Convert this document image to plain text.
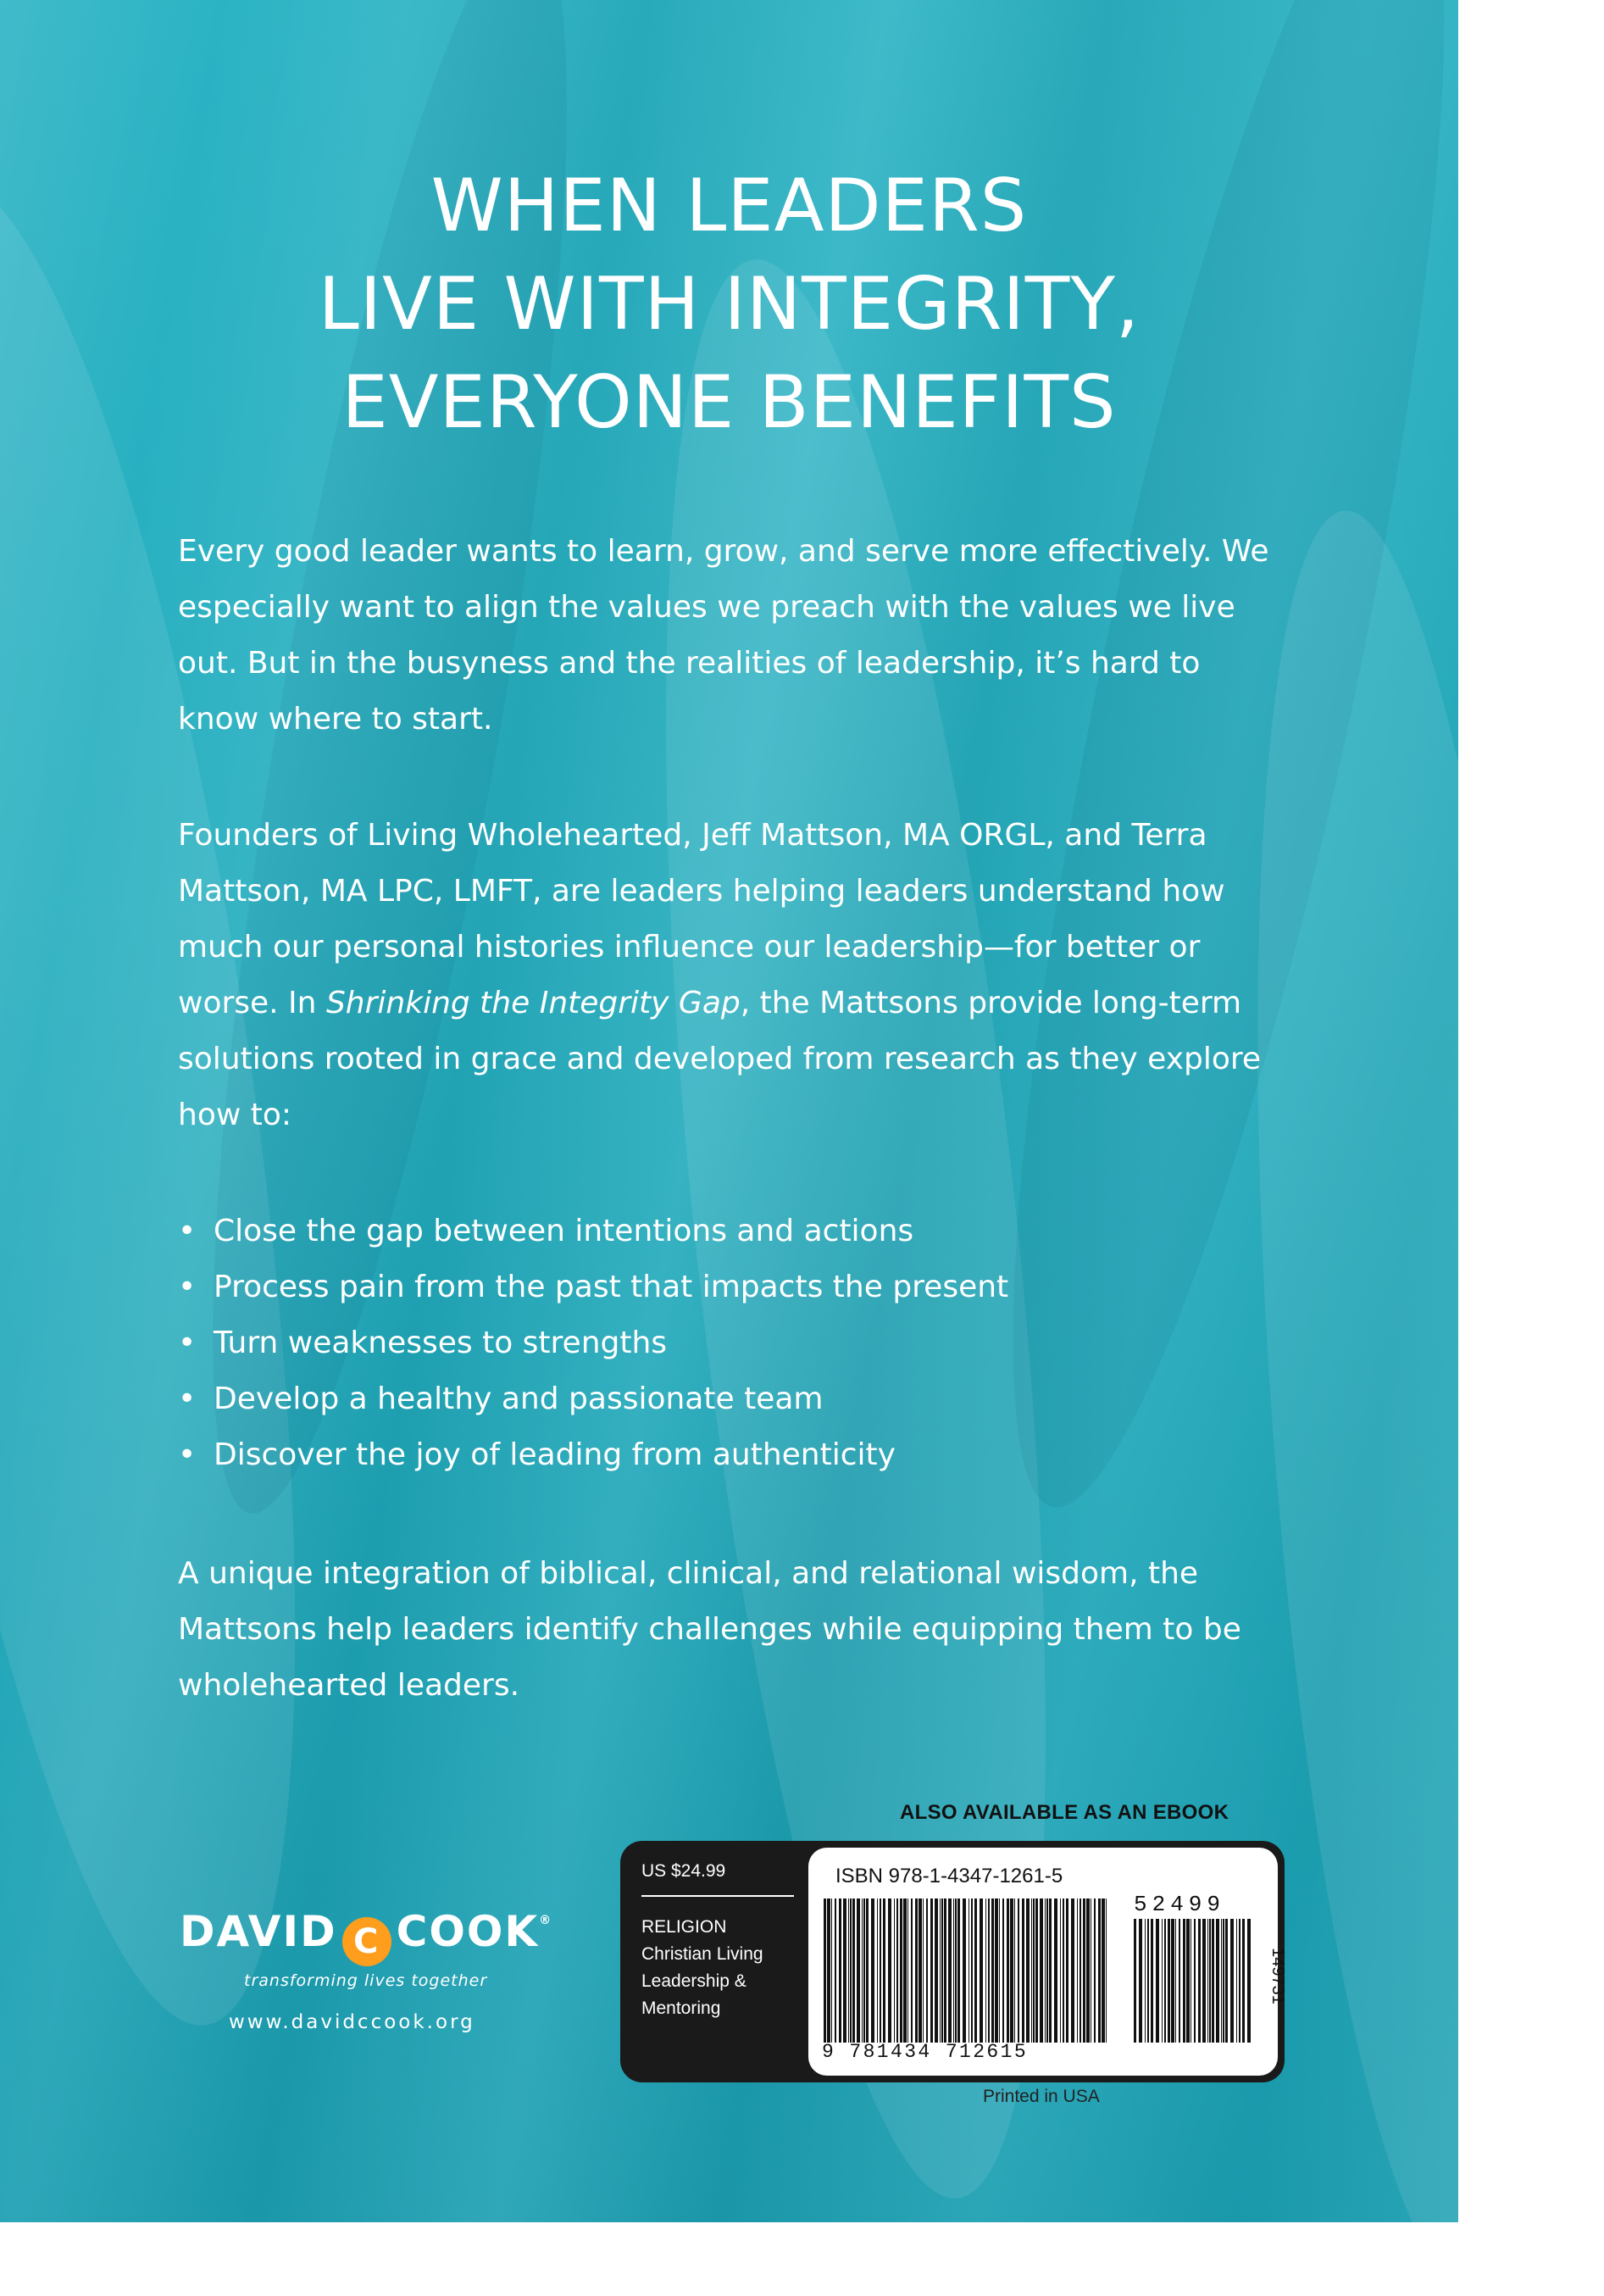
WHEN LEADERS
LIVE WITH INTEGRITY,
EVERYONE BENEFITS
Every good leader wants to learn, grow, and serve more effectively. We especially want to align the values we preach with the values we live out. But in the busyness and the realities of leadership, it’s hard to know where to start.
Founders of Living Wholehearted, Jeff Mattson, MA ORGL, and Terra Mattson, MA LPC, LMFT, are leaders helping leaders understand how much our personal histories influence our leadership—for better or worse. In Shrinking the Integrity Gap, the Mattsons provide long-term solutions rooted in grace and developed from research as they explore how to:
• Close the gap between intentions and actions
• Process pain from the past that impacts the present
• Turn weaknesses to strengths
• Develop a healthy and passionate team
• Discover the joy of leading from authenticity
A unique integration of biblical, clinical, and relational wisdom, the Mattsons help leaders identify challenges while equipping them to be wholehearted leaders.
DAVID C COOK®
transforming lives together
www.davidccook.org
ALSO AVAILABLE AS AN EBOOK
US $24.99
RELIGION
Christian Living
Leadership &
Mentoring
ISBN 978-1-4347-1261-5
52499
149731
9 781434 712615
Printed in USA
